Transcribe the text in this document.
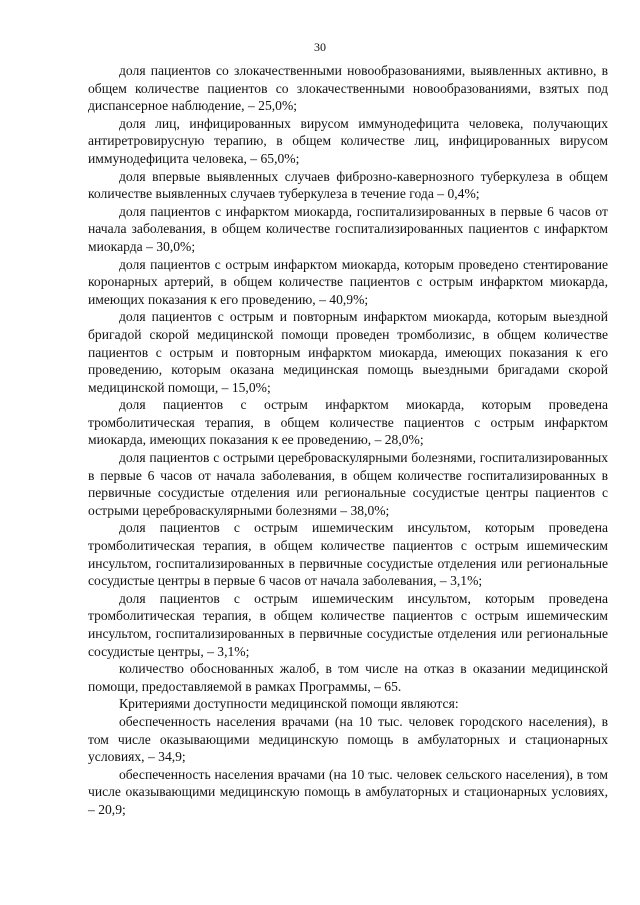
30

доля пациентов со злокачественными новообразованиями, выявленных активно, в общем количестве пациентов со злокачественными новообразованиями, взятых под диспансерное наблюдение, – 25,0%;

доля лиц, инфицированных вирусом иммунодефицита человека, получающих антиретровирусную терапию, в общем количестве лиц, инфицированных вирусом иммунодефицита человека, – 65,0%;

доля впервые выявленных случаев фиброзно-кавернозного туберкулеза в общем количестве выявленных случаев туберкулеза в течение года – 0,4%;

доля пациентов с инфарктом миокарда, госпитализированных в первые 6 часов от начала заболевания, в общем количестве госпитализированных пациентов с инфарктом миокарда – 30,0%;

доля пациентов с острым инфарктом миокарда, которым проведено стентирование коронарных артерий, в общем количестве пациентов с острым инфарктом миокарда, имеющих показания к его проведению, – 40,9%;

доля пациентов с острым и повторным инфарктом миокарда, которым выездной бригадой скорой медицинской помощи проведен тромболизис, в общем количестве пациентов с острым и повторным инфарктом миокарда, имеющих показания к его проведению, которым оказана медицинская помощь выездными бригадами скорой медицинской помощи, – 15,0%;

доля пациентов с острым инфарктом миокарда, которым проведена тромболитическая терапия, в общем количестве пациентов с острым инфарктом миокарда, имеющих показания к ее проведению, – 28,0%;

доля пациентов с острыми цереброваскулярными болезнями, госпитализированных в первые 6 часов от начала заболевания, в общем количестве госпитализированных в первичные сосудистые отделения или региональные сосудистые центры пациентов с острыми цереброваскулярными болезнями – 38,0%;

доля пациентов с острым ишемическим инсультом, которым проведена тромболитическая терапия, в общем количестве пациентов с острым ишемическим инсультом, госпитализированных в первичные сосудистые отделения или региональные сосудистые центры в первые 6 часов от начала заболевания, – 3,1%;

доля пациентов с острым ишемическим инсультом, которым проведена тромболитическая терапия, в общем количестве пациентов с острым ишемическим инсультом, госпитализированных в первичные сосудистые отделения или региональные сосудистые центры, – 3,1%;

количество обоснованных жалоб, в том числе на отказ в оказании медицинской помощи, предоставляемой в рамках Программы, – 65.

Критериями доступности медицинской помощи являются:

обеспеченность населения врачами (на 10 тыс. человек городского населения), в том числе оказывающими медицинскую помощь в амбулаторных и стационарных условиях, – 34,9;

обеспеченность населения врачами (на 10 тыс. человек сельского населения), в том числе оказывающими медицинскую помощь в амбулаторных и стационарных условиях, – 20,9;
